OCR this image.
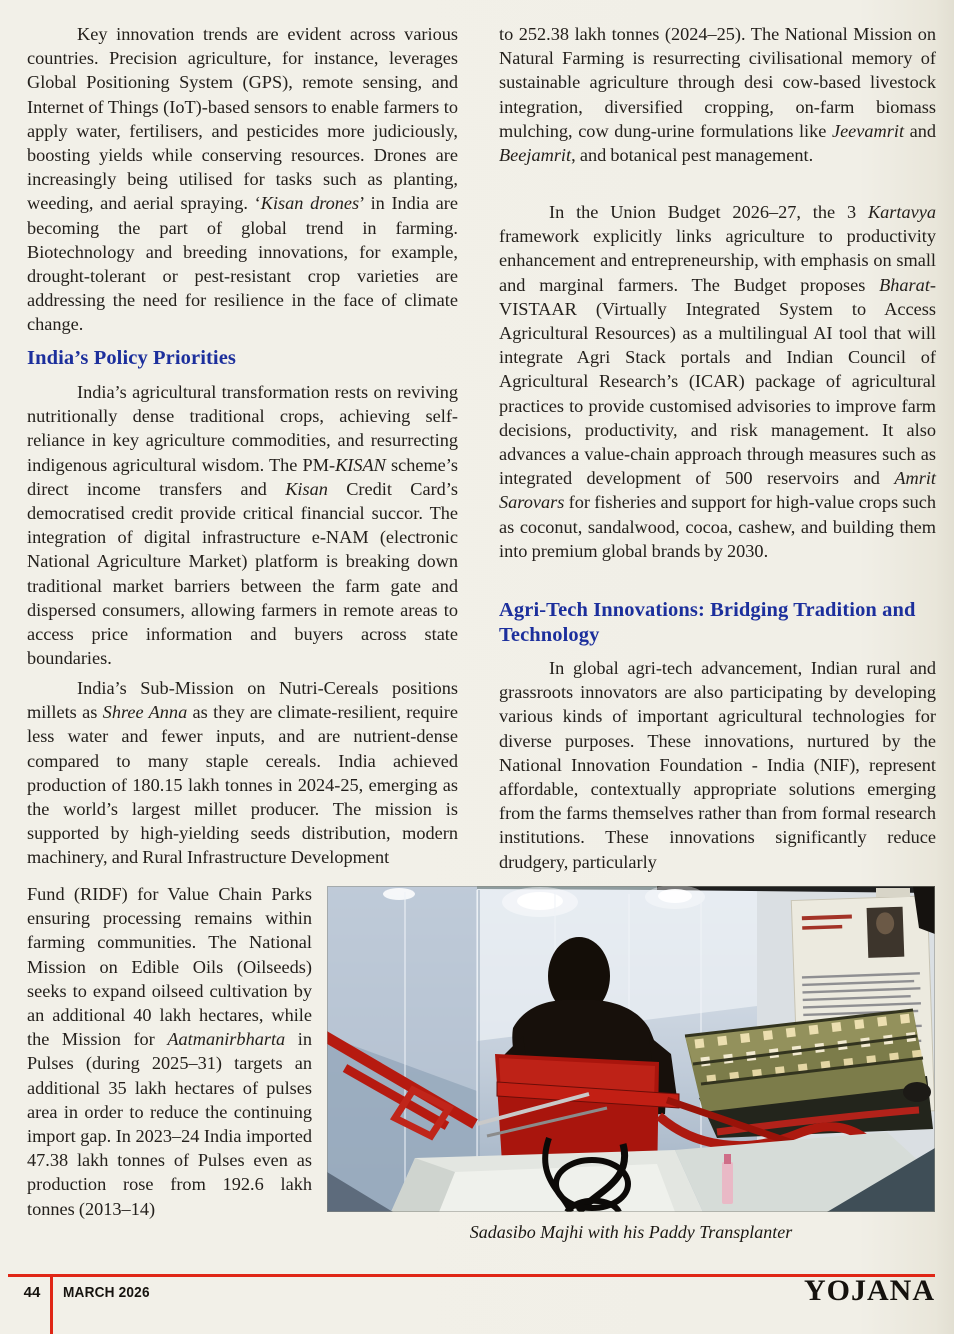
Key innovation trends are evident across various countries. Precision agriculture, for instance, leverages Global Positioning System (GPS), remote sensing, and Internet of Things (IoT)-based sensors to enable farmers to apply water, fertilisers, and pesticides more judiciously, boosting yields while conserving resources. Drones are increasingly being utilised for tasks such as planting, weeding, and aerial spraying. ‘Kisan drones’ in India are becoming the part of global trend in farming. Biotechnology and breeding innovations, for example, drought-tolerant or pest-resistant crop varieties are addressing the need for resilience in the face of climate change.

India’s Policy Priorities

India’s agricultural transformation rests on reviving nutritionally dense traditional crops, achieving self-reliance in key agriculture commodities, and resurrecting indigenous agricultural wisdom. The PM-KISAN scheme’s direct income transfers and Kisan Credit Card’s democratised credit provide critical financial succor. The integration of digital infrastructure e-NAM (electronic National Agriculture Market) platform is breaking down traditional market barriers between the farm gate and dispersed consumers, allowing farmers in remote areas to access price information and buyers across state boundaries.

India’s Sub-Mission on Nutri-Cereals positions millets as Shree Anna as they are climate-resilient, require less water and fewer inputs, and are nutrient-dense compared to many staple cereals. India achieved production of 180.15 lakh tonnes in 2024-25, emerging as the world’s largest millet producer. The mission is supported by high-yielding seeds distribution, modern machinery, and Rural Infrastructure Development

Fund (RIDF) for Value Chain Parks ensuring processing remains within farming communities. The National Mission on Edible Oils (Oilseeds) seeks to expand oilseed cultivation by an additional 40 lakh hectares, while the Mission for Aatmanirbharta in Pulses (during 2025–31) targets an additional 35 lakh hectares of pulses area in order to reduce the continuing import gap. In 2023–24 India imported 47.38 lakh tonnes of Pulses even as production rose from 192.6 lakh tonnes (2013–14)

to 252.38 lakh tonnes (2024–25). The National Mission on Natural Farming is resurrecting civilisational memory of sustainable agriculture through desi cow-based livestock integration, diversified cropping, on-farm biomass mulching, cow dung-urine formulations like Jeevamrit and Beejamrit, and botanical pest management.

In the Union Budget 2026–27, the 3 Kartavya framework explicitly links agriculture to productivity enhancement and entrepreneurship, with emphasis on small and marginal farmers. The Budget proposes Bharat-VISTAAR (Virtually Integrated System to Access Agricultural Resources) as a multilingual AI tool that will integrate Agri Stack portals and Indian Council of Agricultural Research’s (ICAR) package of agricultural practices to provide customised advisories to improve farm decisions, productivity, and risk management. It also advances a value-chain approach through measures such as integrated development of 500 reservoirs and Amrit Sarovars for fisheries and support for high-value crops such as coconut, sandalwood, cocoa, cashew, and building them into premium global brands by 2030.

Agri-Tech Innovations: Bridging Tradition and Technology

In global agri-tech advancement, Indian rural and grassroots innovators are also participating by developing various kinds of important agricultural technologies for diverse purposes. These innovations, nurtured by the National Innovation Foundation - India (NIF), represent affordable, contextually appropriate solutions emerging from the farms themselves rather than from formal research institutions. These innovations significantly reduce drudgery, particularly

Sadasibo Majhi with his Paddy Transplanter
44	MARCH 2026	YOJANA
